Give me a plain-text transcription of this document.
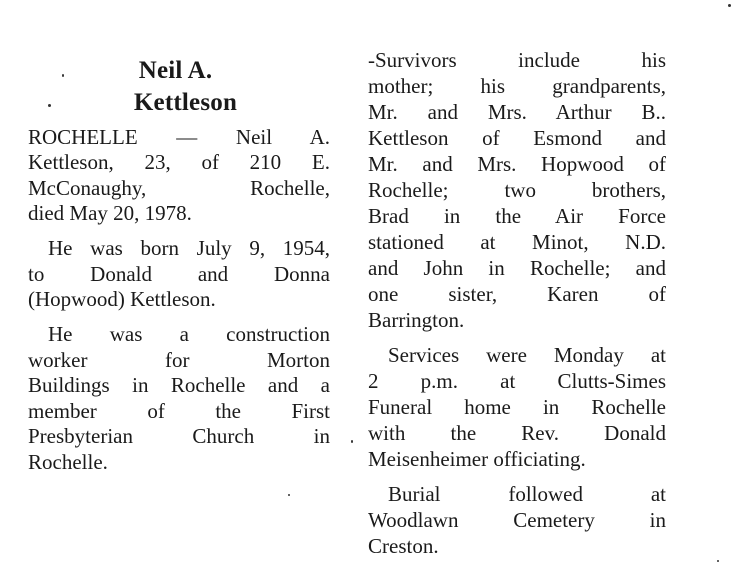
Neil A.
Kettleson
ROCHELLE — Neil A.
Kettleson, 23, of 210 E.
McConaughy, Rochelle,
died May 20, 1978.
He was born July 9, 1954,
to Donald and Donna
(Hopwood) Kettleson.
He was a construction
worker for Morton
Buildings in Rochelle and a
member of the First
Presbyterian Church in
Rochelle.
-Survivors include his
mother; his grandparents,
Mr. and Mrs. Arthur B..
Kettleson of Esmond and
Mr. and Mrs. Hopwood of
Rochelle; two brothers,
Brad in the Air Force
stationed at Minot, N.D.
and John in Rochelle; and
one sister, Karen of
Barrington.
Services were Monday at
2 p.m. at Clutts-Simes
Funeral home in Rochelle
with the Rev. Donald
Meisenheimer officiating.
Burial followed at
Woodlawn Cemetery in
Creston.
